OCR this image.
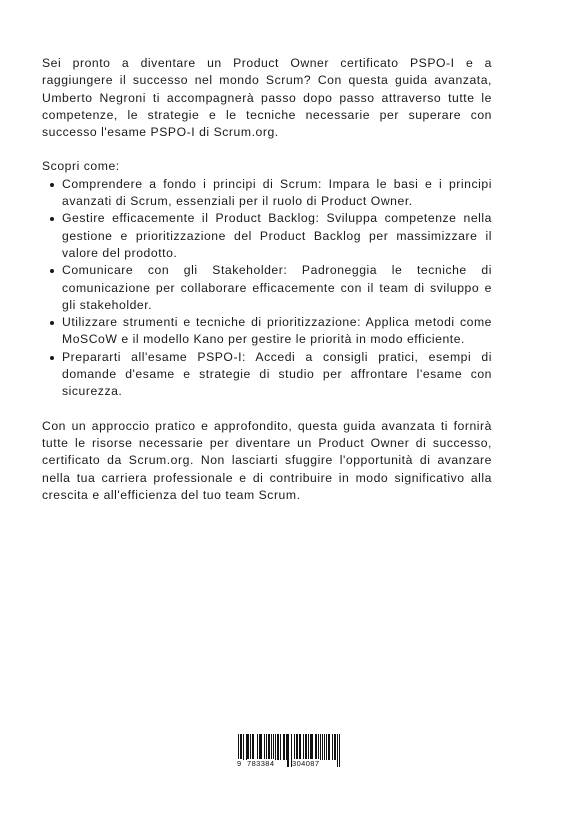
Sei pronto a diventare un Product Owner certificato PSPO-I e a raggiungere il successo nel mondo Scrum? Con questa guida avanzata, Umberto Negroni ti accompagnerà passo dopo passo attraverso tutte le competenze, le strategie e le tecniche necessarie per superare con successo l'esame PSPO-I di Scrum.org.

Scopri come:

Comprendere a fondo i principi di Scrum: Impara le basi e i principi avanzati di Scrum, essenziali per il ruolo di Product Owner.
Gestire efficacemente il Product Backlog: Sviluppa competenze nella gestione e prioritizzazione del Product Backlog per massimizzare il valore del prodotto.
Comunicare con gli Stakeholder: Padroneggia le tecniche di comunicazione per collaborare efficacemente con il team di sviluppo e gli stakeholder.
Utilizzare strumenti e tecniche di prioritizzazione: Applica metodi come MoSCoW e il modello Kano per gestire le priorità in modo efficiente.
Prepararti all'esame PSPO-I: Accedi a consigli pratici, esempi di domande d'esame e strategie di studio per affrontare l'esame con sicurezza.

Con un approccio pratico e approfondito, questa guida avanzata ti fornirà tutte le risorse necessarie per diventare un Product Owner di successo, certificato da Scrum.org. Non lasciarti sfuggire l'opportunità di avanzare nella tua carriera professionale e di contribuire in modo significativo alla crescita e all'efficienza del tuo team Scrum.

9 783384 304087
